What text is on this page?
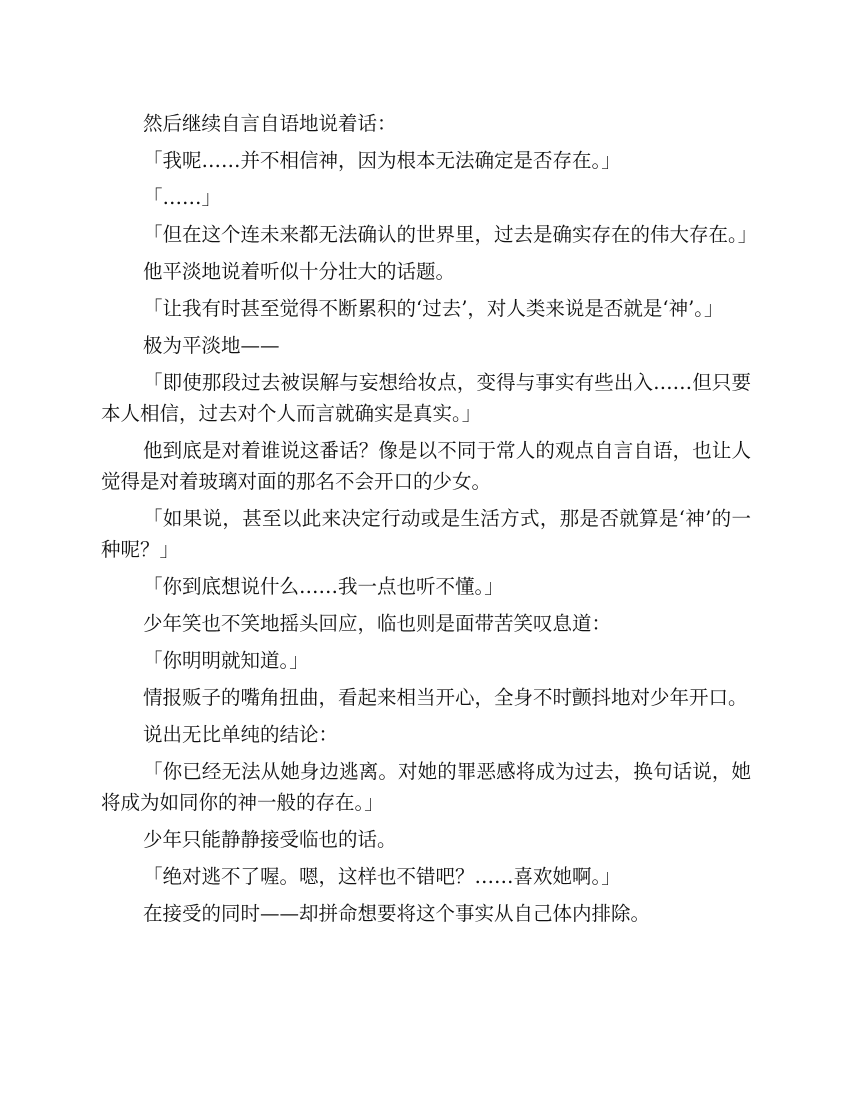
然后继续自言自语地说着话：

「我呢……并不相信神，因为根本无法确定是否存在。」

「……」

「但在这个连未来都无法确认的世界里，过去是确实存在的伟大存在。」

他平淡地说着听似十分壮大的话题。

「让我有时甚至觉得不断累积的‘过去’，对人类来说是否就是‘神’。」

极为平淡地——

「即使那段过去被误解与妄想给妆点，变得与事实有些出入……但只要本人相信，过去对个人而言就确实是真实。」

他到底是对着谁说这番话？像是以不同于常人的观点自言自语，也让人觉得是对着玻璃对面的那名不会开口的少女。

「如果说，甚至以此来决定行动或是生活方式，那是否就算是‘神’的一种呢？」

「你到底想说什么……我一点也听不懂。」

少年笑也不笑地摇头回应，临也则是面带苦笑叹息道：

「你明明就知道。」

情报贩子的嘴角扭曲，看起来相当开心，全身不时颤抖地对少年开口。

说出无比单纯的结论：

「你已经无法从她身边逃离。对她的罪恶感将成为过去，换句话说，她将成为如同你的神一般的存在。」

少年只能静静接受临也的话。

「绝对逃不了喔。嗯，这样也不错吧？……喜欢她啊。」

在接受的同时——却拼命想要将这个事实从自己体内排除。
